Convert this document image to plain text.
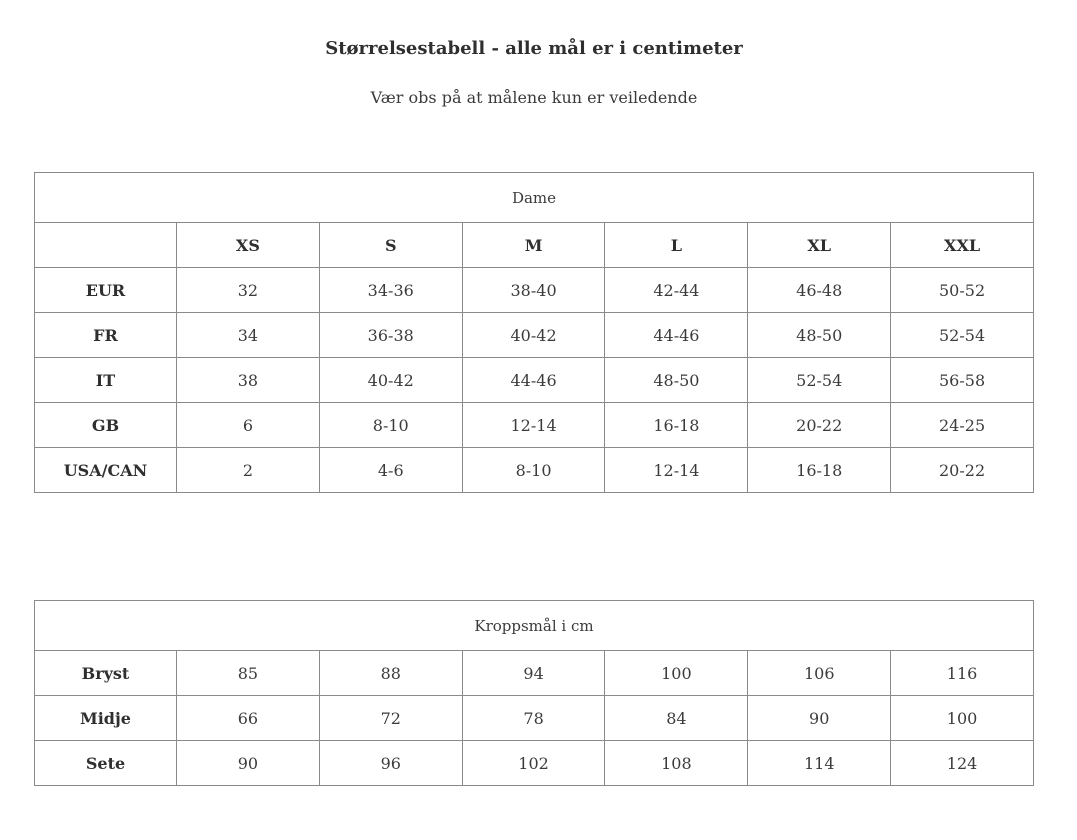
Størrelsestabell - alle mål er i centimeter
Vær obs på at målene kun er veiledende
Dame						
	XS	S	M	L	XL	XXL
EUR	32	34-36	38-40	42-44	46-48	50-52
FR	34	36-38	40-42	44-46	48-50	52-54
IT	38	40-42	44-46	48-50	52-54	56-58
GB	6	8-10	12-14	16-18	20-22	24-25
USA/CAN	2	4-6	8-10	12-14	16-18	20-22
Kroppsmål i cm						
Bryst	85	88	94	100	106	116
Midje	66	72	78	84	90	100
Sete	90	96	102	108	114	124
